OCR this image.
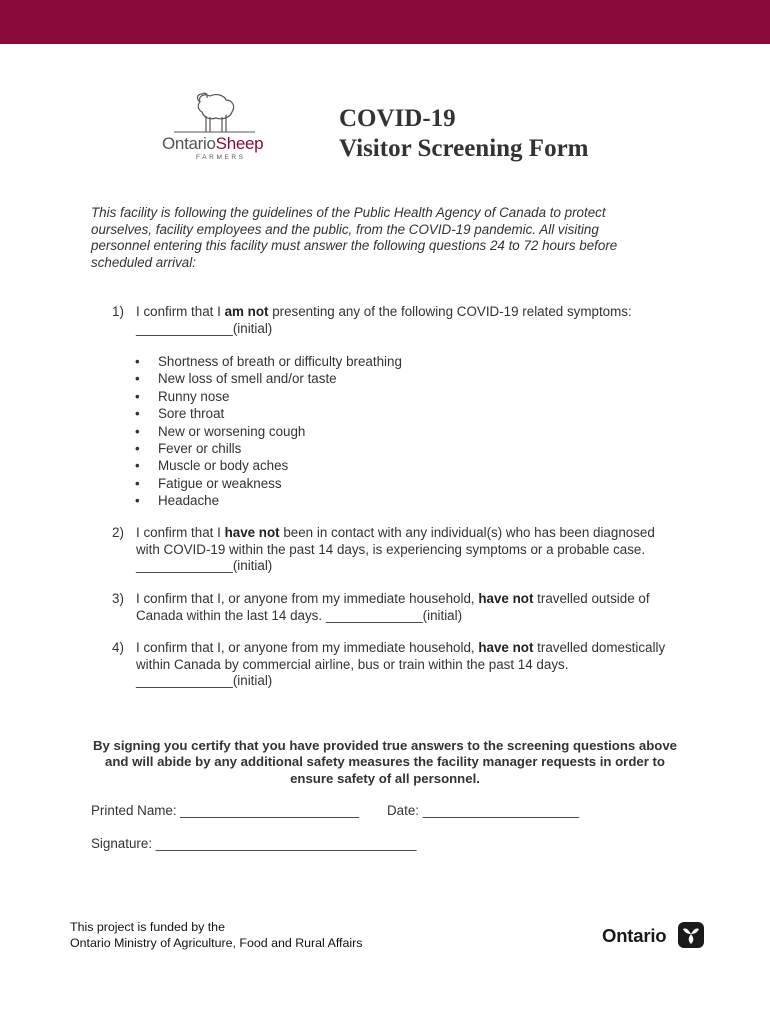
OntarioSheep
FARMERS
COVID-19
Visitor Screening Form
This facility is following the guidelines of the Public Health Agency of Canada to protect ourselves, facility employees and the public, from the COVID-19 pandemic. All visiting personnel entering this facility must answer the following questions 24 to 72 hours before scheduled arrival:
1) I confirm that I am not presenting any of the following COVID-19 related symptoms: _____________(initial)
• Shortness of breath or difficulty breathing
• New loss of smell and/or taste
• Runny nose
• Sore throat
• New or worsening cough
• Fever or chills
• Muscle or body aches
• Fatigue or weakness
• Headache
2) I confirm that I have not been in contact with any individual(s) who has been diagnosed with COVID-19 within the past 14 days, is experiencing symptoms or a probable case. _____________(initial)
3) I confirm that I, or anyone from my immediate household, have not travelled outside of Canada within the last 14 days. _____________(initial)
4) I confirm that I, or anyone from my immediate household, have not travelled domestically within Canada by commercial airline, bus or train within the past 14 days. _____________(initial)
By signing you certify that you have provided true answers to the screening questions above and will abide by any additional safety measures the facility manager requests in order to ensure safety of all personnel.
Printed Name: ________________________ Date: _____________________
Signature: ___________________________________
This project is funded by the
Ontario Ministry of Agriculture, Food and Rural Affairs	Ontario
